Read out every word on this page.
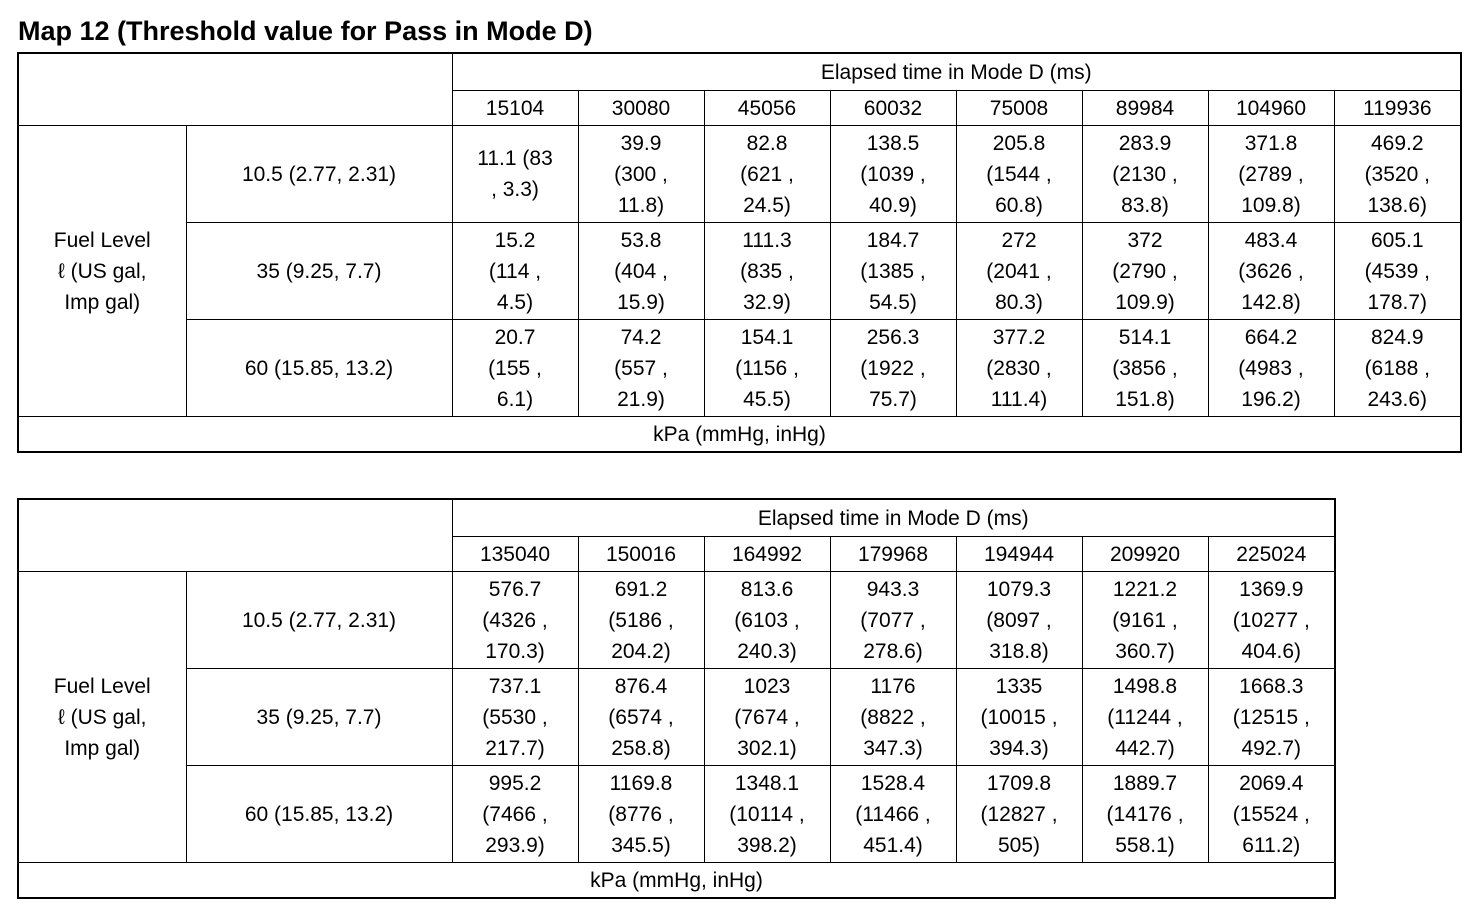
Map 12 (Threshold value for Pass in Mode D)
		Elapsed time in Mode D (ms)							
		15104	30080	45056	60032	75008	89984	104960	119936

Fuel Level
ℓ (US gal,
Imp gal)	10.5 (2.77, 2.31)	11.1 (83
, 3.3)	39.9
(300 ,
11.8)	82.8
(621 ,
24.5)	138.5
(1039 ,
40.9)	205.8
(1544 ,
60.8)	283.9
(2130 ,
83.8)	371.8
(2789 ,
109.8)	469.2
(3520 ,
138.6)

	35 (9.25, 7.7)	15.2
(114 ,
4.5)	53.8
(404 ,
15.9)	111.3
(835 ,
32.9)	184.7
(1385 ,
54.5)	272
(2041 ,
80.3)	372
(2790 ,
109.9)	483.4
(3626 ,
142.8)	605.1
(4539 ,
178.7)

	60 (15.85, 13.2)	20.7
(155 ,
6.1)	74.2
(557 ,
21.9)	154.1
(1156 ,
45.5)	256.3
(1922 ,
75.7)	377.2
(2830 ,
111.4)	514.1
(3856 ,
151.8)	664.2
(4983 ,
196.2)	824.9
(6188 ,
243.6)

kPa (mmHg, inHg)									
		Elapsed time in Mode D (ms)						
		135040	150016	164992	179968	194944	209920	225024

Fuel Level
ℓ (US gal,
Imp gal)	10.5 (2.77, 2.31)	576.7
(4326 ,
170.3)	691.2
(5186 ,
204.2)	813.6
(6103 ,
240.3)	943.3
(7077 ,
278.6)	1079.3
(8097 ,
318.8)	1221.2
(9161 ,
360.7)	1369.9
(10277 ,
404.6)

	35 (9.25, 7.7)	737.1
(5530 ,
217.7)	876.4
(6574 ,
258.8)	1023
(7674 ,
302.1)	1176
(8822 ,
347.3)	1335
(10015 ,
394.3)	1498.8
(11244 ,
442.7)	1668.3
(12515 ,
492.7)

	60 (15.85, 13.2)	995.2
(7466 ,
293.9)	1169.8
(8776 ,
345.5)	1348.1
(10114 ,
398.2)	1528.4
(11466 ,
451.4)	1709.8
(12827 ,
505)	1889.7
(14176 ,
558.1)	2069.4
(15524 ,
611.2)

kPa (mmHg, inHg)								
